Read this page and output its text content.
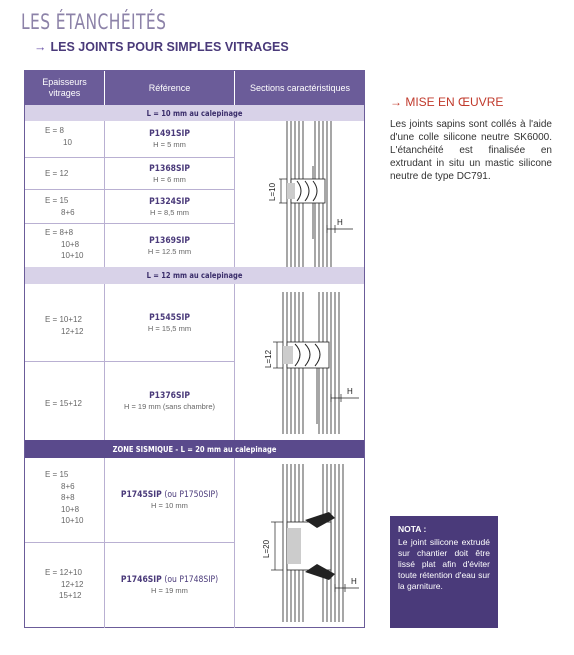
LES ÉTANCHÉITÉS
→ LES JOINTS POUR SIMPLES VITRAGES
Epaisseurs vitrages
Référence	Sections caractéristiques
L = 10 mm au calepinage
E = 8
10
P1491SIP
H = 5 mm
E = 12	P1368SIP
H = 6 mm
E = 15
8+6
P1324SIP
H = 8,5 mm
E = 8+8
10+8
10+10
P1369SIP
H = 12.5 mm
L = 12 mm au calepinage
E = 10+12
12+12
P1545SIP
H = 15,5 mm
E = 15+12
P1376SIP
H = 19 mm (sans chambre)
ZONE SISMIQUE - L = 20 mm au calepinage
E = 15
8+6
8+8
10+8
10+10
P1745SIP (ou P1750SIP)
H = 10 mm
E = 12+10
12+12
15+12
P1746SIP (ou P1748SIP)
H = 19 mm
L=10
H
L=12
H
L=20
H
→ MISE EN ŒUVRE
Les joints sapins sont collés à l'aide d'une colle silicone neutre SK6000. L'étanchéité est finalisée en extrudant in situ un mastic silicone neutre de type DC791.
NOTA :
Le joint silicone extrudé sur chantier doit être lissé plat afin d'éviter toute rétention d'eau sur la garniture.
